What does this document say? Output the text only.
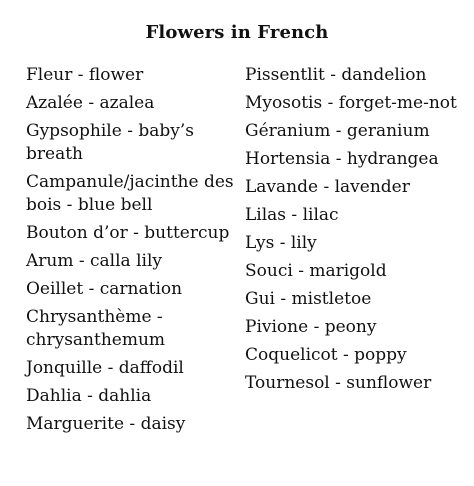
Flowers in French
Fleur - flower
Azalée - azalea
Gypsophile - baby’s breath
Campanule/jacinthe des bois - blue bell
Bouton d’or - buttercup
Arum - calla lily
Oeillet - carnation
Chrysanthème - chrysanthemum
Jonquille - daffodil
Dahlia - dahlia
Marguerite - daisy
Pissentlit - dandelion
Myosotis - forget-me-not
Géranium - geranium
Hortensia - hydrangea
Lavande - lavender
Lilas - lilac
Lys - lily
Souci - marigold
Gui - mistletoe
Pivione - peony
Coquelicot - poppy
Tournesol - sunflower
